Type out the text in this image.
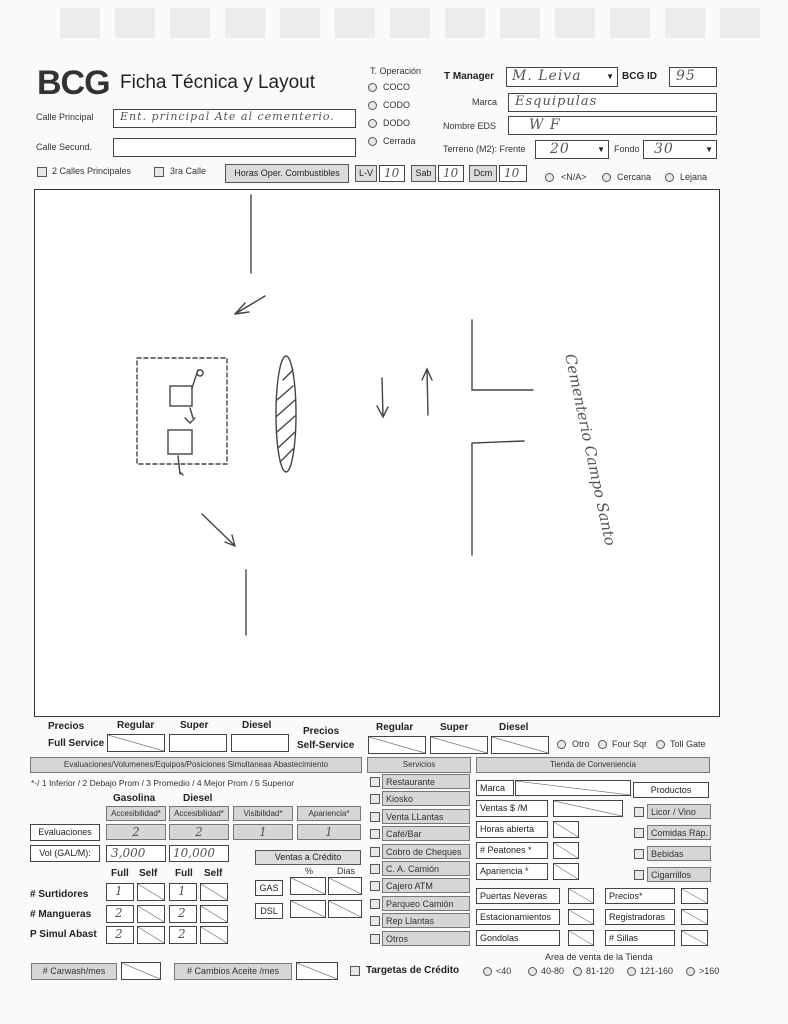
BCG Ficha Técnica y Layout
Calle Principal Ent. principal Ate al cementerio.
Calle Secund.
T. Operación
COCO
CODO
DODO
Cerrada
T Manager M. Leiva	▼ BCG ID 95
Marca Esquipulas
Nombre EDS W F
Terreno (M2): Frente 20	▼ Fondo 30	▼
2 Calles Principales	3ra Calle	Horas Oper. Combustibles	L-V 10	Sab 10	Dcm 10	<N/A>	Cercana	Lejana
Cementerio Campo Santo
Precios
Full Service
Regular	Super	Diesel
Precios
Self-Service
Regular	Super	Diesel
Otro Four Sqr	Toll Gate
Evaluaciones/Volumenes/Equipos/Posiciones Simultaneas Abastecimiento
*-/ 1 Inferior / 2 Debajo Prom / 3 Promedio / 4 Mejor Prom / 5 Superior
Gasolina	Diesel
Accesibilidad*	Accesibilidad*	Visibilidad*	Apariencia*
Evaluaciones	2	2	1	1
Vol (GAL/M):	3,000 10,000	Ventas a Crédito
%	Dias
Full Self Full Self
# Surtidores 1	1
# Mangueras 2	2
P Simul Abast 2	2
GAS
DSL
# Carwash/mes	# Cambios Aceite /mes	Targetas de Crédito
Servicios
Restaurante
Kiosko
Venta LLantas
Café/Bar
Cobro de Cheques
C. A. Camión
Cajero ATM
Parqueo Camión
Rep Llantas
Otros
Tienda de Conveniencia
Marca	Productos
Ventas $ /M
Horas abierta
# Peatones *
Apariencia *
Licor / Vino
Comidas Ráp.
Bebidas
Cigarrillos
Puertas Neveras	Precios*
Estacionamientos	Registradoras
Gondolas	# Sillas
Area de venta de la Tienda
<40	40-80 81-120	121-160	>160
